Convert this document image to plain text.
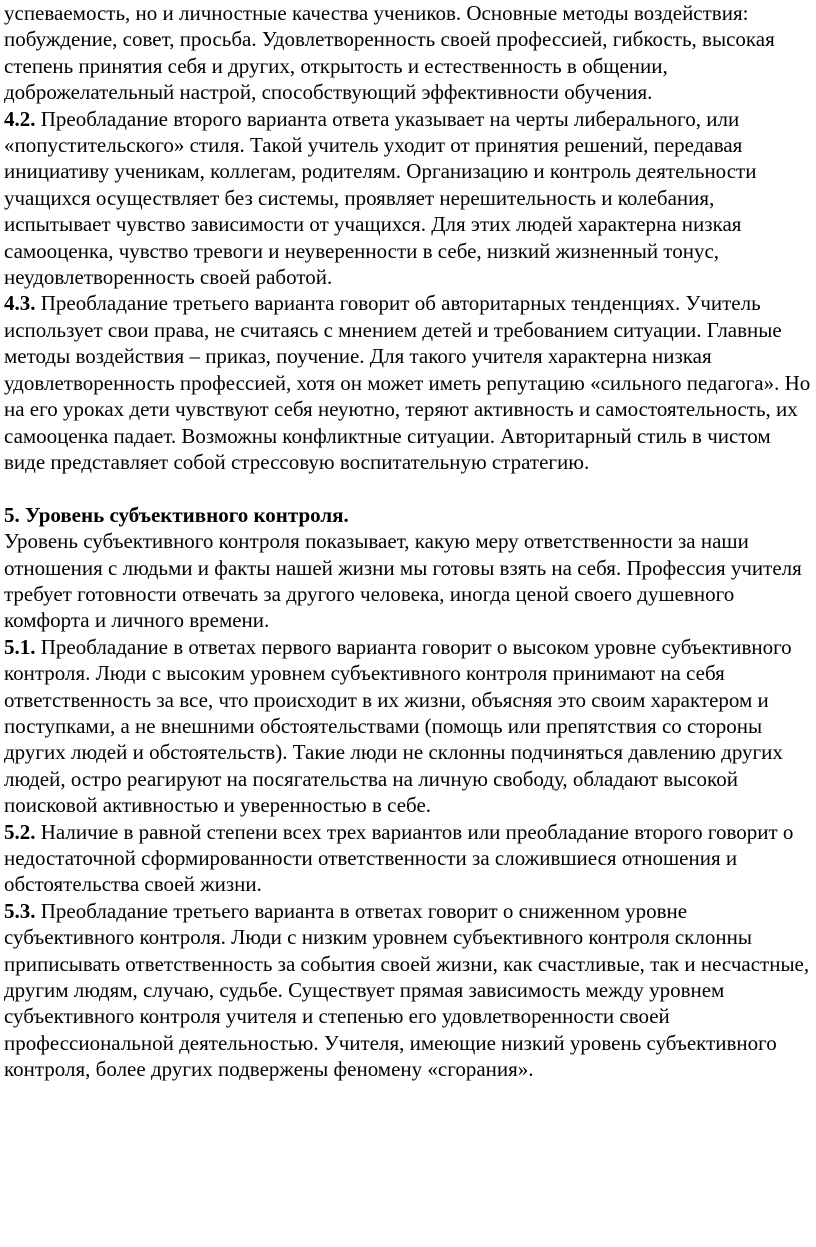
успеваемость, но и личностные качества учеников. Основные методы воздействия: побуждение, совет, просьба. Удовлетворенность своей профессией, гибкость, высокая степень принятия себя и других, открытость и естественность в общении, доброжелательный настрой, способствующий эффективности обучения.

4.2. Преобладание второго варианта ответа указывает на черты либерального, или «попустительского» стиля. Такой учитель уходит от принятия решений, передавая инициативу ученикам, коллегам, родителям. Организацию и контроль деятельности учащихся осуществляет без системы, проявляет нерешительность и колебания, испытывает чувство зависимости от учащихся. Для этих людей характерна низкая самооценка, чувство тревоги и неуверенности в себе, низкий жизненный тонус, неудовлетворенность своей работой.

4.3. Преобладание третьего варианта говорит об авторитарных тенденциях. Учитель использует свои права, не считаясь с мнением детей и требованием ситуации. Главные методы воздействия – приказ, поучение. Для такого учителя характерна низкая удовлетворенность профессией, хотя он может иметь репутацию «сильного педагога». Но на его уроках дети чувствуют себя неуютно, теряют активность и самостоятельность, их самооценка падает. Возможны конфликтные ситуации. Авторитарный стиль в чистом виде представляет собой стрессовую воспитательную стратегию.

5. Уровень субъективного контроля.

Уровень субъективного контроля показывает, какую меру ответственности за наши отношения с людьми и факты нашей жизни мы готовы взять на себя. Профессия учителя требует готовности отвечать за другого человека, иногда ценой своего душевного комфорта и личного времени.

5.1. Преобладание в ответах первого варианта говорит о высоком уровне субъективного контроля. Люди с высоким уровнем субъективного контроля принимают на себя ответственность за все, что происходит в их жизни, объясняя это своим характером и поступками, а не внешними обстоятельствами (помощь или препятствия со стороны других людей и обстоятельств). Такие люди не склонны подчиняться давлению других людей, остро реагируют на посягательства на личную свободу, обладают высокой поисковой активностью и уверенностью в себе.

5.2. Наличие в равной степени всех трех вариантов или преобладание второго говорит о недостаточной сформированности ответственности за сложившиеся отношения и обстоятельства своей жизни.

5.3. Преобладание третьего варианта в ответах говорит о сниженном уровне субъективного контроля. Люди с низким уровнем субъективного контроля склонны приписывать ответственность за события своей жизни, как счастливые, так и несчастные, другим людям, случаю, судьбе. Существует прямая зависимость между уровнем субъективного контроля учителя и степенью его удовлетворенности своей профессиональной деятельностью. Учителя, имеющие низкий уровень субъективного контроля, более других подвержены феномену «сгорания».
